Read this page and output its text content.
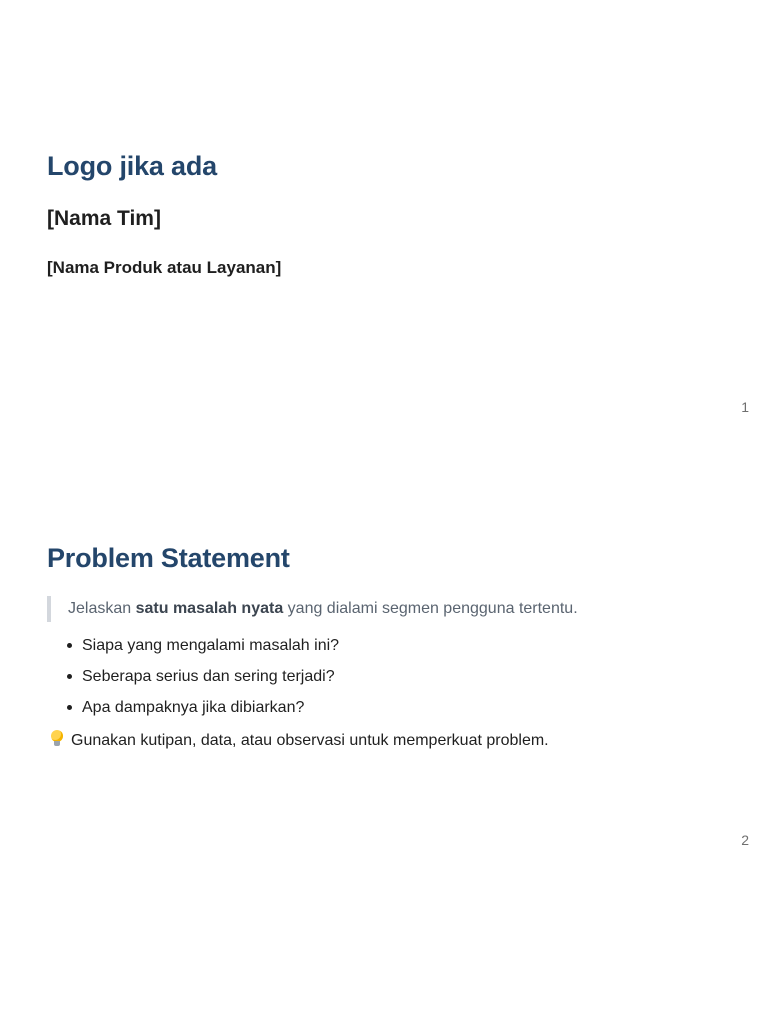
Logo jika ada
[Nama Tim]
[Nama Produk atau Layanan]
1
Problem Statement
Jelaskan satu masalah nyata yang dialami segmen pengguna tertentu.
Siapa yang mengalami masalah ini?
Seberapa serius dan sering terjadi?
Apa dampaknya jika dibiarkan?
Gunakan kutipan, data, atau observasi untuk memperkuat problem.
2
